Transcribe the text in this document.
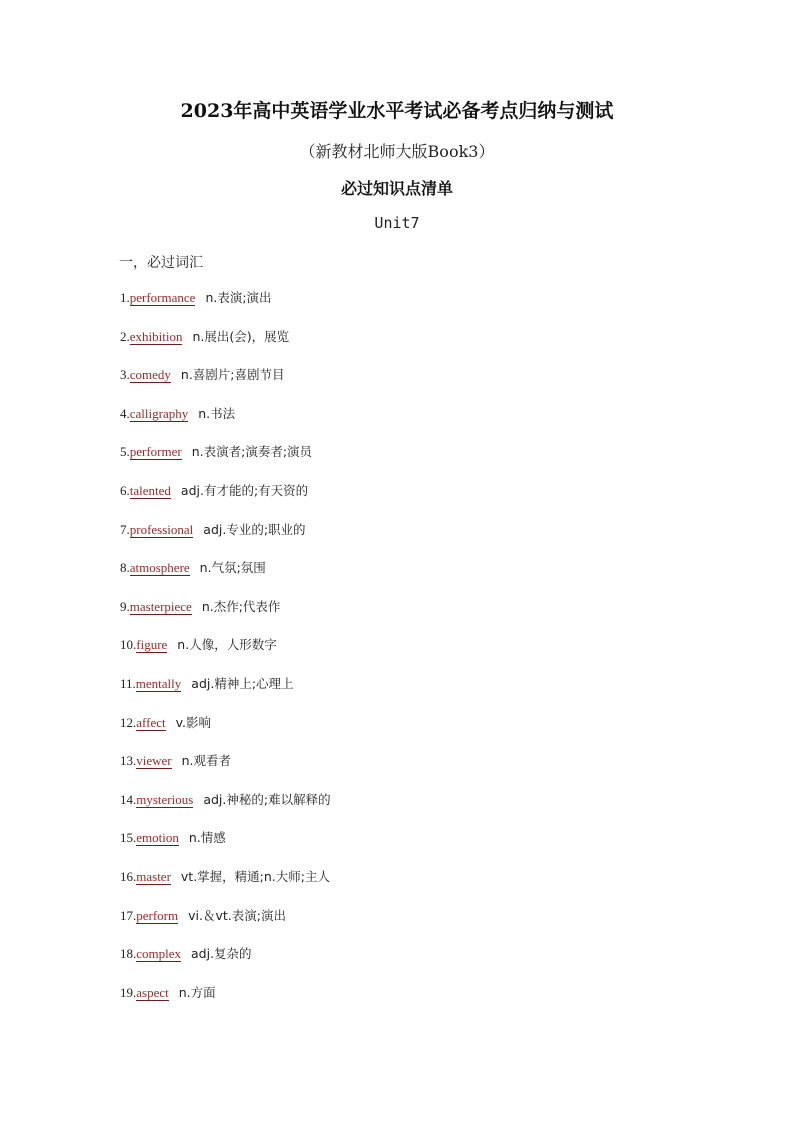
2023年高中英语学业水平考试必备考点归纳与测试
（新教材北师大版Book3）
必过知识点清单
Unit7
一，必过词汇
1.performance n.表演;演出
2.exhibition n.展出(会)，展览
3.comedy n.喜剧片;喜剧节目
4.calligraphy n.书法
5.performer n.表演者;演奏者;演员
6.talented adj.有才能的;有天资的
7.professional adj.专业的;职业的
8.atmosphere n.气氛;氛围
9.masterpiece n.杰作;代表作
10.figure n.人像，人形数字
11.mentally adj.精神上;心理上
12.affect v.影响
13.viewer n.观看者
14.mysterious adj.神秘的;难以解释的
15.emotion n.情感
16.master vt.掌握，精通;n.大师;主人
17.perform vi.＆vt.表演;演出
18.complex adj.复杂的
19.aspect n.方面
